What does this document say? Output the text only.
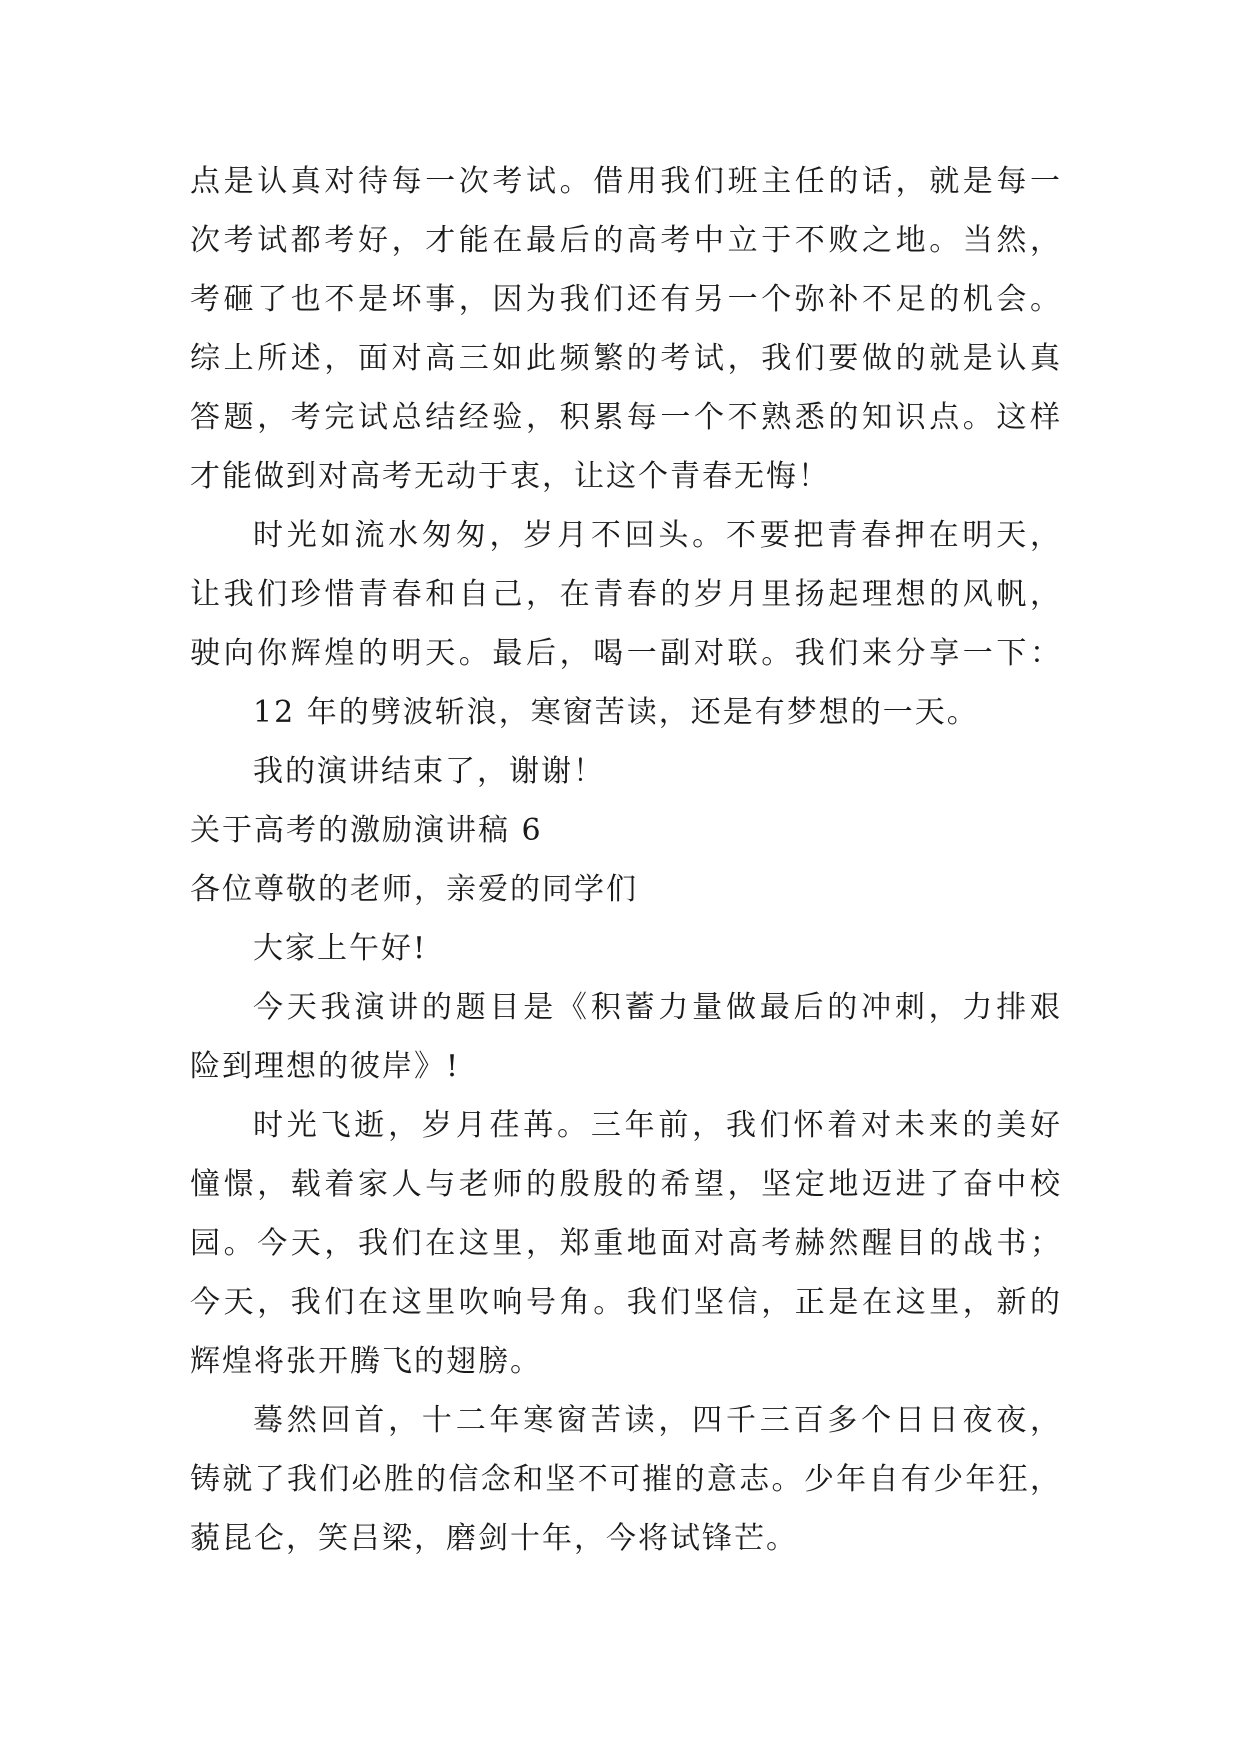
点是认真对待每一次考试。借用我们班主任的话，就是每一
次考试都考好，才能在最后的高考中立于不败之地。当然，
考砸了也不是坏事，因为我们还有另一个弥补不足的机会。
综上所述，面对高三如此频繁的考试，我们要做的就是认真
答题，考完试总结经验，积累每一个不熟悉的知识点。这样
才能做到对高考无动于衷，让这个青春无悔！
时光如流水匆匆，岁月不回头。不要把青春押在明天，
让我们珍惜青春和自己，在青春的岁月里扬起理想的风帆，
驶向你辉煌的明天。最后，喝一副对联。我们来分享一下：
12 年的劈波斩浪，寒窗苦读，还是有梦想的一天。
我的演讲结束了，谢谢！
关于高考的激励演讲稿 6
各位尊敬的老师，亲爱的同学们
大家上午好!
今天我演讲的题目是《积蓄力量做最后的冲刺，力排艰
险到理想的彼岸》!
时光飞逝，岁月荏苒。三年前，我们怀着对未来的美好
憧憬，载着家人与老师的殷殷的希望，坚定地迈进了奋中校
园。今天，我们在这里，郑重地面对高考赫然醒目的战书；
今天，我们在这里吹响号角。我们坚信，正是在这里，新的
辉煌将张开腾飞的翅膀。
蓦然回首，十二年寒窗苦读，四千三百多个日日夜夜，
铸就了我们必胜的信念和坚不可摧的意志。少年自有少年狂，
藐昆仑，笑吕梁，磨剑十年，今将试锋芒。
